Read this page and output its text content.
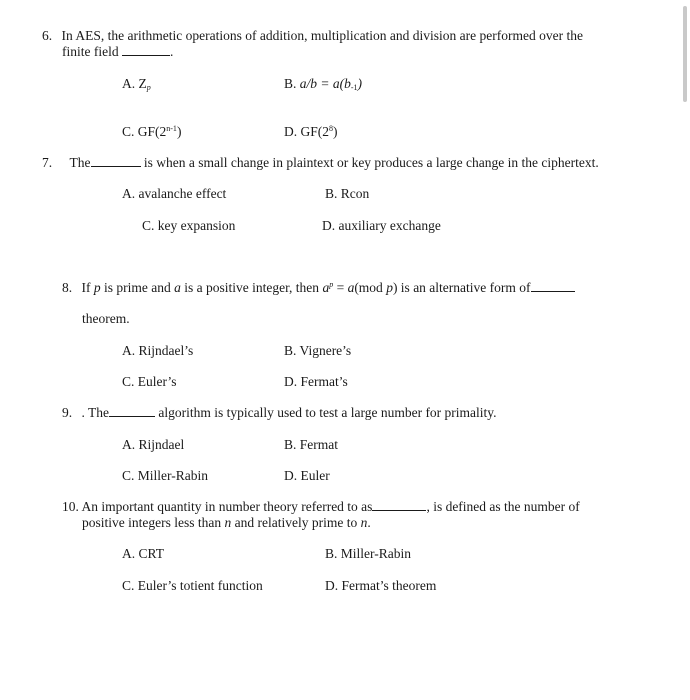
6. In AES, the arithmetic operations of addition, multiplication and division are performed over the
finite field	.
A. $Z_p$	B. $a/b = a(b_{-1})$
C. GF(2$^{n-1}$)	D. $GF(2^8)$
7. The	is when a small change in plaintext or key produces a large change in the ciphertext.
A. avalanche effect	B. Rcon
C. key expansion	D. auxiliary exchange
8. If p is prime and a is a positive integer, then $a^p = a(mod$ p) is an alternative form of
theorem.
A. Rijndael’s	B. Vignere’s
C. Euler’s	D. Fermat’s
9. . The	algorithm is typically used to test a large number for primality.
A. Rijndael	B. Fermat
C. Miller-Rabin	D. Euler
10. An important quantity in number theory referred to as	, is defined as the number of
positive integers less than n and relatively prime to n.
A. CRT	B. Miller-Rabin
C. Euler’s totient function	D. Fermat’s theorem
